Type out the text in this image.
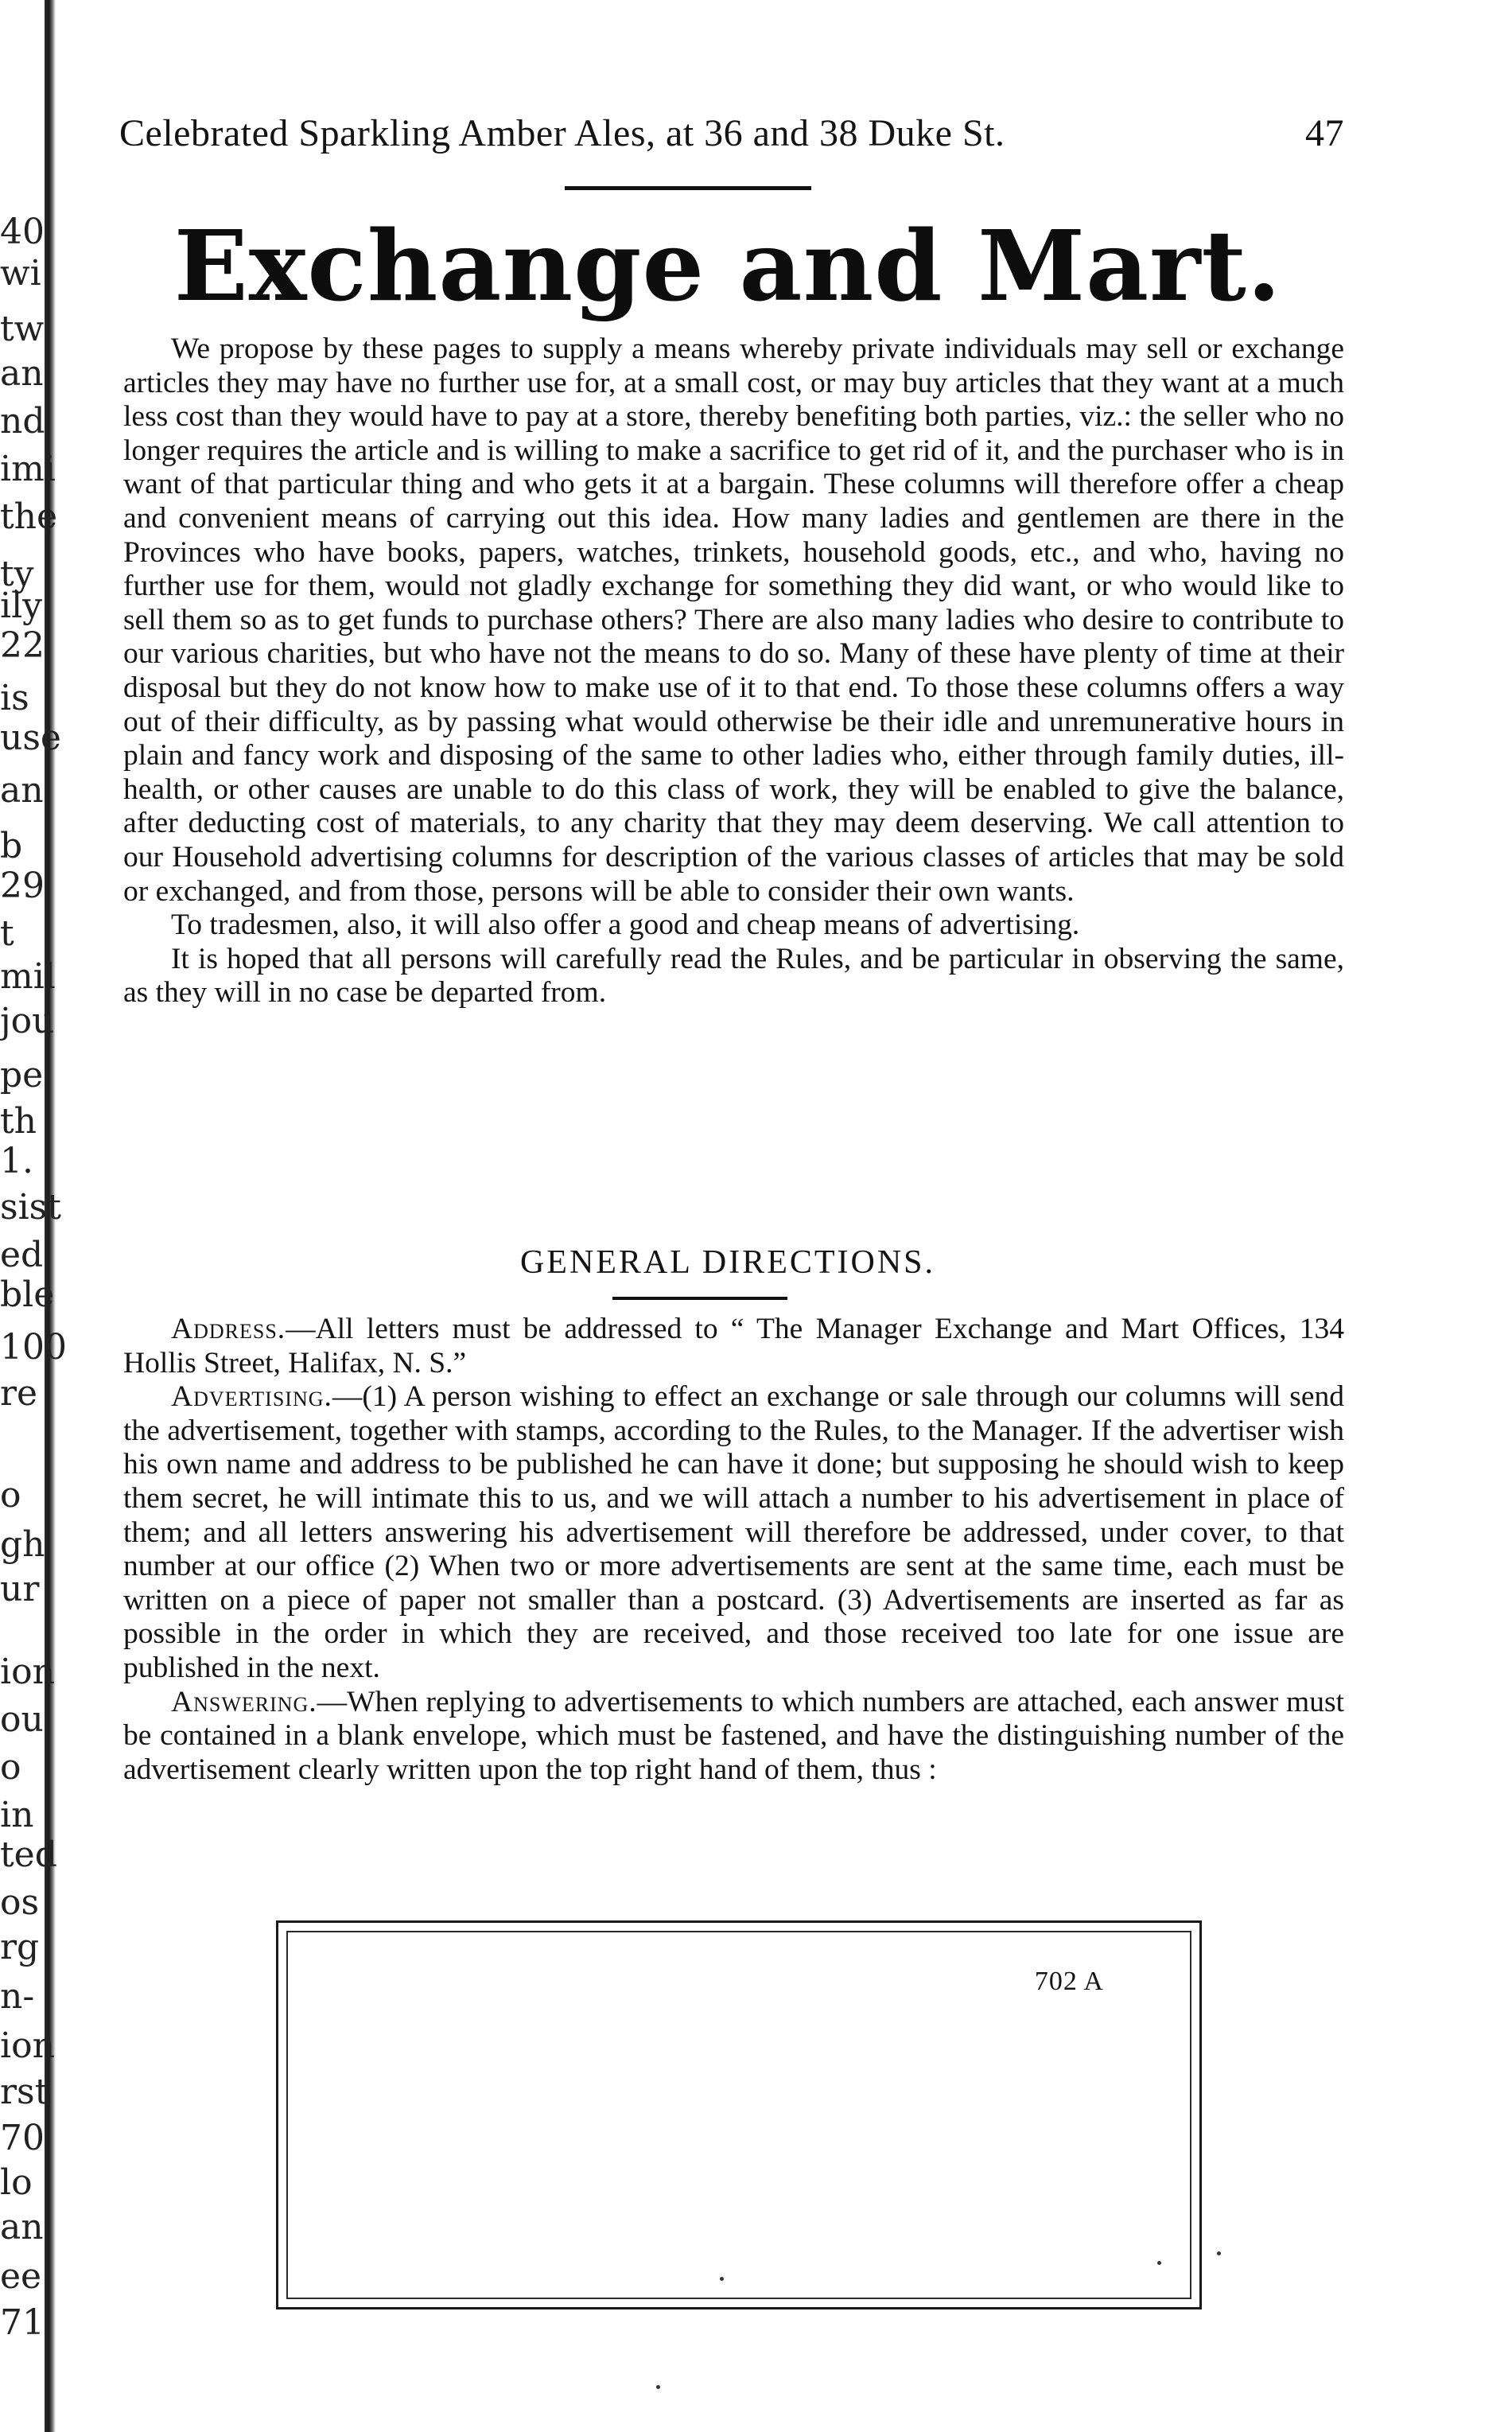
40
wi
tw
an
nd
imi
the
ty
ily
22
is
use
an
b
29
t
mil
jou
pe
th
1.
sist
ed
ble
100
re
o
gh
ur
ion
ou
o
in
ted
os
rg
n-
ion
rst
70
lo
an
ee
71
Celebrated Sparkling Amber Ales, at 36 and 38 Duke St.	47
Exchange and Mart.

We propose by these pages to supply a means whereby private individuals may sell or exchange articles they may have no further use for, at a small cost, or may buy articles that they want at a much less cost than they would have to pay at a store, thereby benefiting both parties, viz.: the seller who no longer requires the article and is willing to make a sacrifice to get rid of it, and the purchaser who is in want of that particular thing and who gets it at a bargain. These columns will therefore offer a cheap and convenient means of carrying out this idea. How many ladies and gentlemen are there in the Provinces who have books, papers, watches, trinkets, household goods, etc., and who, having no further use for them, would not gladly exchange for something they did want, or who would like to sell them so as to get funds to purchase others? There are also many ladies who desire to contribute to our various charities, but who have not the means to do so. Many of these have plenty of time at their disposal but they do not know how to make use of it to that end. To those these columns offers a way out of their difficulty, as by passing what would otherwise be their idle and unremunerative hours in plain and fancy work and disposing of the same to other ladies who, either through family duties, ill-health, or other causes are unable to do this class of work, they will be enabled to give the balance, after deducting cost of materials, to any charity that they may deem deserving. We call attention to our Household advertising columns for description of the various classes of articles that may be sold or exchanged, and from those, persons will be able to consider their own wants.

To tradesmen, also, it will also offer a good and cheap means of advertising.

It is hoped that all persons will carefully read the Rules, and be particular in observing the same, as they will in no case be departed from.

GENERAL DIRECTIONS.

Address.—All letters must be addressed to “ The Manager Exchange and Mart Offices, 134 Hollis Street, Halifax, N. S.”

Advertising.—(1) A person wishing to effect an exchange or sale through our columns will send the advertisement, together with stamps, according to the Rules, to the Manager. If the advertiser wish his own name and address to be published he can have it done; but supposing he should wish to keep them secret, he will intimate this to us, and we will attach a number to his advertisement in place of them; and all letters answering his advertisement will therefore be addressed, under cover, to that number at our office (2) When two or more advertisements are sent at the same time, each must be written on a piece of paper not smaller than a postcard. (3) Advertisements are inserted as far as possible in the order in which they are received, and those received too late for one issue are published in the next.

Answering.—When replying to advertisements to which numbers are attached, each answer must be contained in a blank envelope, which must be fastened, and have the distinguishing number of the advertisement clearly written upon the top right hand of them, thus :

702 A
